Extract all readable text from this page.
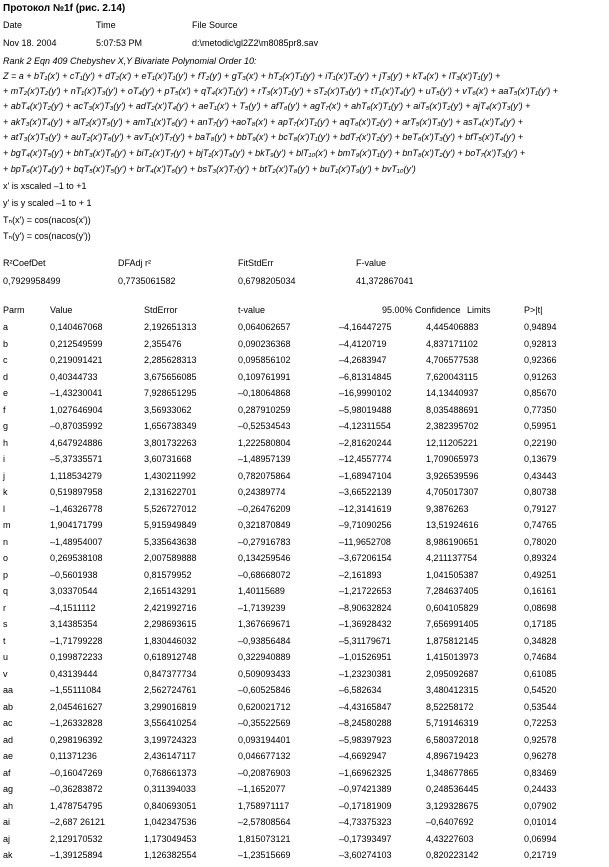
Протокол №1f (рис. 2.14)
Date	Time	File Source
Nov 18. 2004	5:07:53 PM	d:\metodic\gl2Z2\m8085pr8.sav
Rank 2 Eqn 409 Chebyshev X,Y Bivariate Polynomial Order 10:
Z = a + bT₁(x') + cT₁(y') + dT₂(x') + eT₁(x')T₁(y') + fT₂(y') + gT₃(x') + hT₂(x')T₁(y') + iT₁(x')T₂(y') + jT₃(y') + kT₄(x') + lT₃(x')T₁(y') +
+ mT₂(x')T₂(y') + nT₁(x')T₃(y') + oT₄(y') + pT₅(x') + qT₄(x')T₁(y') + rT₃(x')T₂(y') + sT₂(x')T₃(y') + tT₁(x')T₄(y') + uT₅(y') + vT₆(x') + aaT₅(x')T₁(y') +
+ abT₄(x')T₂(y') + acT₃(x')T₃(y') + adT₂(x')T₄(y') + aeT₁(x') + T₅(y') + afT₆(y') + agT₇(x') + ahT₆(x')T₁(y') + aiT₅(x')T₂(y') + ajT₄(x')T₃(y') +
+ akT₃(x')T₄(y') + alT₂(x')T₅(y') + amT₁(x')T₆(y') + anT₇(y') +aoT₈(x') + apT₇(x')T₁(y') + aqT₆(x')T₂(y') + arT₅(x')T₃(y') + asT₄(x')T₄(y') +
+ atT₃(x')T₅(y') + auT₂(x')T₆(y') + avT₁(x')T₇(y') + baT₈(y') + bbT₉(x') + bcT₈(x')T₁(y') + bdT₇(x')T₂(y') + beT₆(x')T₃(y') + bfT₅(x')T₄(y') +
+ bgT₄(x')T₅(y') + bhT₃(x')T₆(y') + biT₂(x')T₇(y') + bjT₁(x')T₈(y') + bkT₉(y') + blT₁₀(x') + bmT₉(x')T₁(y') + bnT₈(x')T₂(y') + boT₇(x')T₃(y') +
+ bpT₆(x')T₄(y') + bqT₅(x')T₅(y') + brT₄(x')T₆(y') + bsT₃(x')T₇(y') + btT₂(x')T₈(y') + buT₁(x')T₉(y') + bvT₁₀(y')
x' is xscaled –1 to +1
y' is y scaled –1 to + 1
Tₙ(x') = cos(nacos(x'))
Tₙ(y') = cos(nacos(y'))
R²CoefDet	DFAdj r²	FitStdErr	F-value
0,7929958499	0,7735061582	0,6798205034	41,372867041
Parm	Value	StdError	t-value	95.00% Confidence Limits	P>|t|
a	0,140467068	2,192651313	0,064062657	–4,16447275	4,445406883	0,94894
b	0,212549599	2,355476	0,090236368	–4,4120719	4,837171102	0,92813
c	0,219091421	2,285628313	0,095856102	–4,2683947	4,706577538	0,92366
d	0,40344733	3,675656085	0,109761991	–6,81314845	7,620043115	0,91263
e	–1,43230041	7,928651295	–0,18064868	–16,9990102	14,13440937	0,85670
f	1,027646904	3,56933062	0,287910259	–5,98019488	8,035488691	0,77350
g	–0,87035992	1,656738349	–0,52534543	–4,12311554	2,382395702	0,59951
h	4,647924886	3,801732263	1,222580804	–2,81620244	12,11205221	0,22190
i	–5,37335571	3,60731668	–1,48957139	–12,4557774	1,709065973	0,13679
j	1,118534279	1,430211992	0,782075864	–1,68947104	3,926539596	0,43443
k	0,519897958	2,131622701	0,24389774	–3,66522139	4,705017307	0,80738
l	–1,46326778	5,526727012	–0,26476209	–12,3141619	9,3876263	0,79127
m	1,904171799	5,915949849	0,321870849	–9,71090256	13,51924616	0,74765
n	–1,48954007	5,335643638	–0,27916783	–11,9652708	8,986190651	0,78020
o	0,269538108	2,007589888	0,134259546	–3,67206154	4,211137754	0,89324
p	–0,5601938	0,81579952	–0,68668072	–2,161893	1,041505387	0,49251
q	3,03370544	2,165143291	1,40115689	–1,21722653	7,284637405	0,16161
r	–4,1511112	2,421992716	–1,7139239	–8,90632824	0,604105829	0,08698
s	3,14385354	2,298693615	1,367669671	–1,36928432	7,656991405	0,17185
t	–1,71799228	1,830446032	–0,93856484	–5,31179671	1,875812145	0,34828
u	0,199872233	0,618912748	0,322940889	–1,01526951	1,415013973	0,74684
v	0,43139444	0,847377734	0,509093433	–1,23230381	2,095092687	0,61085
aa	–1,55111084	2,562724761	–0,60525846	–6,582634	3,480412315	0,54520
ab	2,045461627	3,299016819	0,620021712	–4,43165847	8,52258172	0,53544
ac	–1,26332828	3,556410254	–0,35522569	–8,24580288	5,719146319	0,72253
ad	0,298196392	3,199724323	0,093194401	–5,98397923	6,580372018	0,92578
ae	0,11371236	2,436147117	0,046677132	–4,6692947	4,896719423	0,96278
af	–0,16047269	0,768661373	–0,20876903	–1,66962325	1,348677865	0,83469
ag	–0,36283872	0,311394033	–1,1652077	–0,97421389	0,248536445	0,24433
ah	1,478754795	0,840693051	1,758971117	–0,17181909	3,129328675	0,07902
ai	–2,687 26121	1,042347536	–2,57808564	–4,73375323	–0,6407692	0,01014
aj	2,129170532	1,173049453	1,815073121	–0,17393497	4,43227603	0,06994
ak	–1,39125894	1,126382554	–1,23515669	–3,60274103	0,820223142	0,21719
